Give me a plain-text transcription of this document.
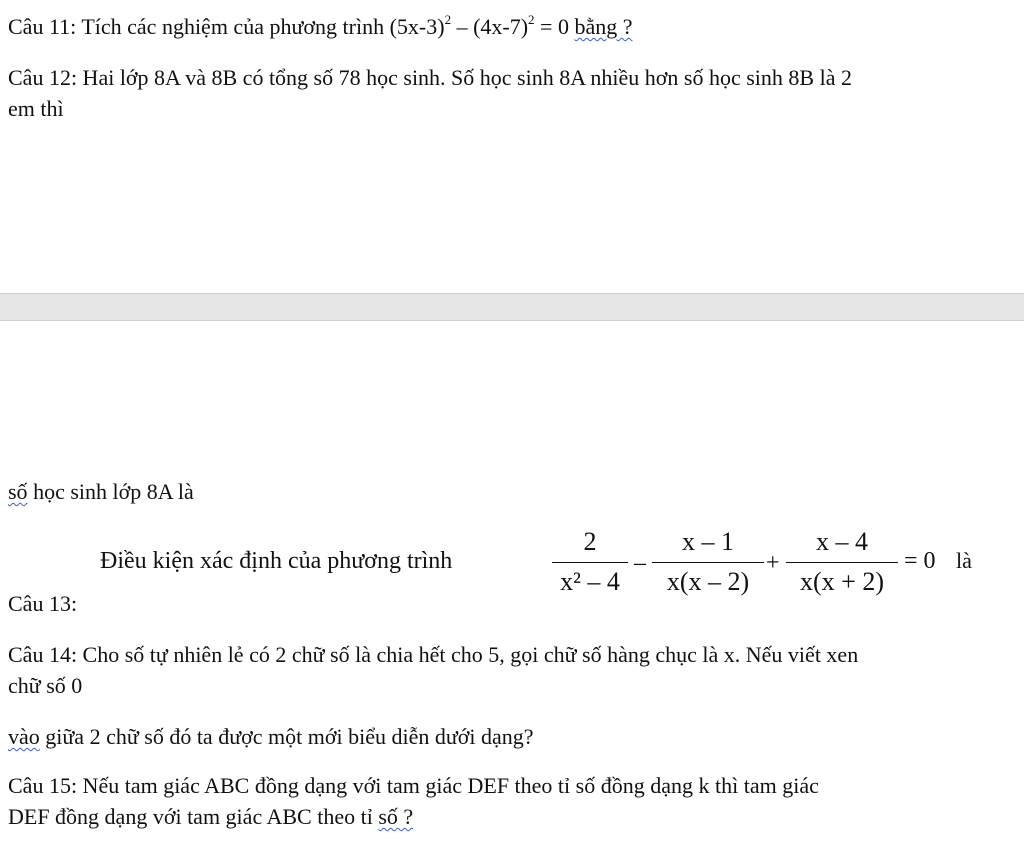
Câu 11: Tích các nghiệm của phương trình $(5x-3)^2 - (4x-7)^2 = 0$ bằng ?
Câu 12: Hai lớp 8A và 8B có tổng số 78 học sinh. Số học sinh 8A nhiều hơn số học sinh 8B là 2
em thì
số học sinh lớp 8A là
Điều kiện xác định của phương trình
Câu 13:
2
x² – 4
–
x – 1
x(x – 2)
+
x – 4
x(x + 2)
= 0 là
Câu 14: Cho số tự nhiên lẻ có 2 chữ số là chia hết cho 5, gọi chữ số hàng chục là x. Nếu viết xen
chữ số 0
vào giữa 2 chữ số đó ta được một mới biểu diễn dưới dạng?
Câu 15: Nếu tam giác ABC đồng dạng với tam giác DEF theo tỉ số đồng dạng k thì tam giác
DEF đồng dạng với tam giác ABC theo tỉ số ?
